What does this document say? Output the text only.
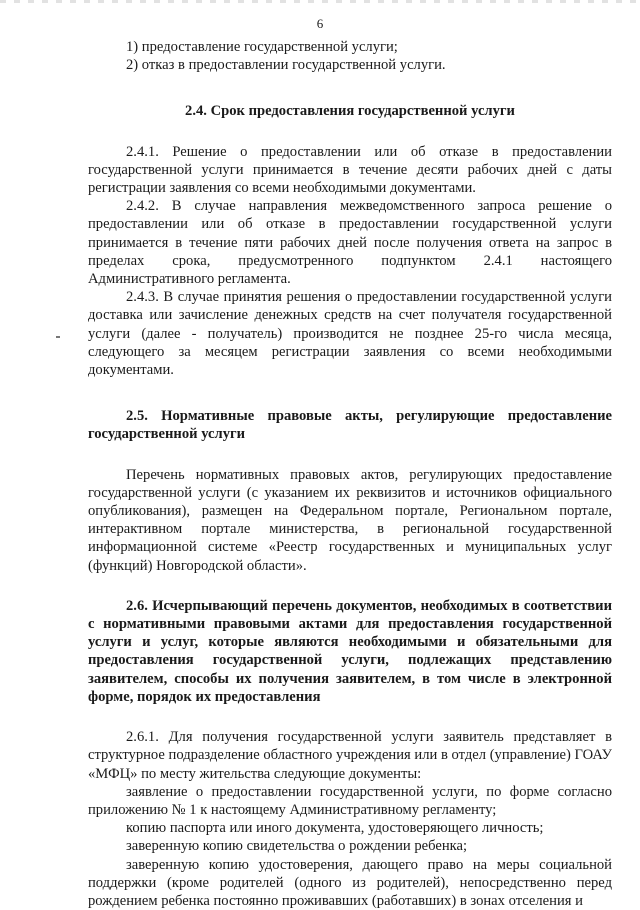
6

1) предоставление государственной услуги;

2) отказ в предоставлении государственной услуги.

2.4. Срок предоставления государственной услуги

2.4.1. Решение о предоставлении или об отказе в предоставлении государственной услуги принимается в течение десяти рабочих дней с даты регистрации заявления со всеми необходимыми документами.

2.4.2. В случае направления межведомственного запроса решение о предоставлении или об отказе в предоставлении государственной услуги принимается в течение пяти рабочих дней после получения ответа на запрос в пределах срока, предусмотренного подпунктом 2.4.1 настоящего Административного регламента.

2.4.3. В случае принятия решения о предоставлении государственной услуги доставка или зачисление денежных средств на счет получателя государственной услуги (далее - получатель) производится не позднее 25-го числа месяца, следующего за месяцем регистрации заявления со всеми необходимыми документами.

2.5. Нормативные правовые акты, регулирующие предоставление государственной услуги

Перечень нормативных правовых актов, регулирующих предоставление государственной услуги (с указанием их реквизитов и источников официального опубликования), размещен на Федеральном портале, Региональном портале, интерактивном портале министерства, в региональной государственной информационной системе «Реестр государственных и муниципальных услуг (функций) Новгородской области».

2.6. Исчерпывающий перечень документов, необходимых в соответствии с нормативными правовыми актами для предоставления государственной услуги и услуг, которые являются необходимыми и обязательными для предоставления государственной услуги, подлежащих представлению заявителем, способы их получения заявителем, в том числе в электронной форме, порядок их предоставления

2.6.1. Для получения государственной услуги заявитель представляет в структурное подразделение областного учреждения или в отдел (управление) ГОАУ «МФЦ» по месту жительства следующие документы:

заявление о предоставлении государственной услуги, по форме согласно приложению № 1 к настоящему Административному регламенту;

копию паспорта или иного документа, удостоверяющего личность;

заверенную копию свидетельства о рождении ребенка;

заверенную копию удостоверения, дающего право на меры социальной поддержки (кроме родителей (одного из родителей), непосредственно перед рождением ребенка постоянно проживавших (работавших) в зонах отселения и
